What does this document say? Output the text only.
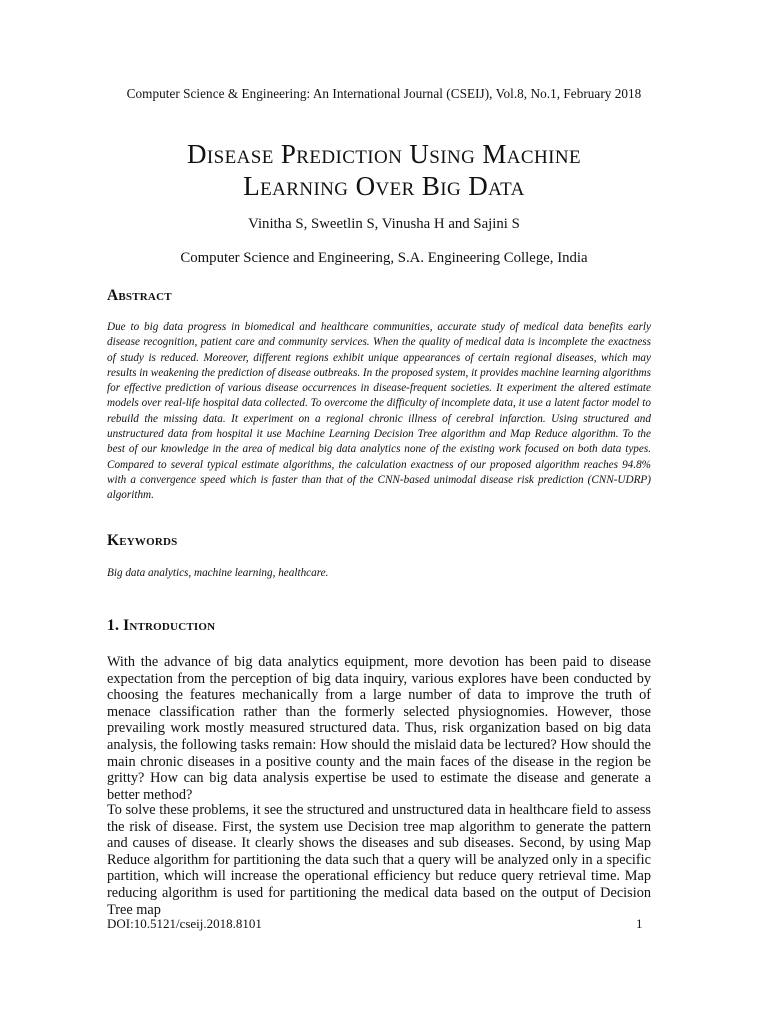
Computer Science & Engineering: An International Journal (CSEIJ), Vol.8, No.1, February 2018
Disease Prediction Using Machine
Learning Over Big Data
Vinitha S, Sweetlin S, Vinusha H and Sajini S
Computer Science and Engineering, S.A. Engineering College, India
Abstract
Due to big data progress in biomedical and healthcare communities, accurate study of medical data benefits early disease recognition, patient care and community services. When the quality of medical data is incomplete the exactness of study is reduced. Moreover, different regions exhibit unique appearances of certain regional diseases, which may results in weakening the prediction of disease outbreaks. In the proposed system, it provides machine learning algorithms for effective prediction of various disease occurrences in disease-frequent societies. It experiment the altered estimate models over real-life hospital data collected. To overcome the difficulty of incomplete data, it use a latent factor model to rebuild the missing data. It experiment on a regional chronic illness of cerebral infarction. Using structured and unstructured data from hospital it use Machine Learning Decision Tree algorithm and Map Reduce algorithm. To the best of our knowledge in the area of medical big data analytics none of the existing work focused on both data types. Compared to several typical estimate algorithms, the calculation exactness of our proposed algorithm reaches 94.8% with a convergence speed which is faster than that of the CNN-based unimodal disease risk prediction (CNN-UDRP) algorithm.
Keywords
Big data analytics, machine learning, healthcare.
1. Introduction
With the advance of big data analytics equipment, more devotion has been paid to disease expectation from the perception of big data inquiry, various explores have been conducted by choosing the features mechanically from a large number of data to improve the truth of menace classification rather than the formerly selected physiognomies. However, those prevailing work mostly measured structured data. Thus, risk organization based on big data analysis, the following tasks remain: How should the mislaid data be lectured? How should the main chronic diseases in a positive county and the main faces of the disease in the region be gritty? How can big data analysis expertise be used to estimate the disease and generate a better method?
To solve these problems, it see the structured and unstructured data in healthcare field to assess the risk of disease. First, the system use Decision tree map algorithm to generate the pattern and causes of disease. It clearly shows the diseases and sub diseases. Second, by using Map Reduce algorithm for partitioning the data such that a query will be analyzed only in a specific partition, which will increase the operational efficiency but reduce query retrieval time. Map reducing algorithm is used for partitioning the medical data based on the output of Decision Tree map
DOI:10.5121/cseij.2018.8101	1
